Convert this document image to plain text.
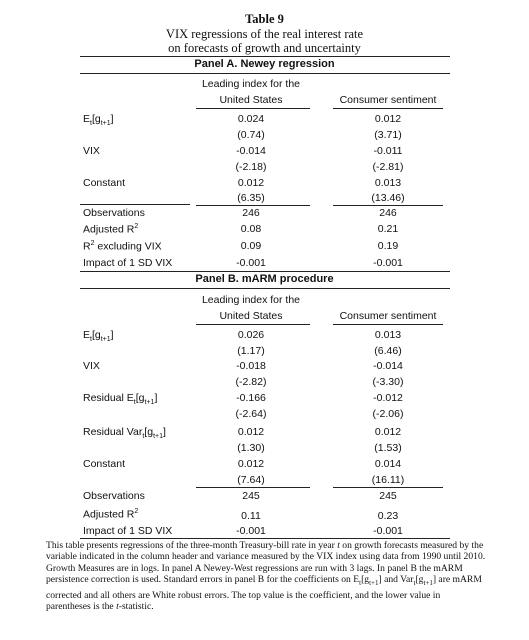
Table 9
VIX regressions of the real interest rate
on forecasts of growth and uncertainty
Panel A. Newey regression
Leading index for the
United States	Consumer sentiment
$E_t[g_{t+1}]$	0.024	0.012
(0.74)	(3.71)
VIX	-0.014	-0.011
(-2.18)	(-2.81)
Constant	0.012	0.013
(6.35)	(13.46)
Observations	246	246
Adjusted $R^2$	0.08	0.21
$R^2$ excluding VIX	0.09	0.19
Impact of 1 SD VIX	-0.001	-0.001
Panel B. mARM procedure
Leading index for the
United States	Consumer sentiment
$E_t[g_{t+1}]$	0.026	0.013
(1.17)	(6.46)
VIX	-0.018	-0.014
(-2.82)	(-3.30)
Residual $E_t[g_{t+1}]$	-0.166	-0.012
(-2.64)	(-2.06)
Residual $Var_t[g_{t+1}]$	0.012	0.012
(1.30)	(1.53)
Constant	0.012	0.014
(7.64)	(16.11)
Observations	245	245
Adjusted $R^2$	0.11	0.23
Impact of 1 SD VIX	-0.001	-0.001
This table presents regressions of the three-month Treasury-bill rate in year t on growth forecasts measured by the variable indicated in the column header and variance measured by the VIX index using data from 1990 until 2010. Growth Measures are in logs. In panel A Newey-West regressions are run with 3 lags. In panel B the mARM persistence correction is used. Standard errors in panel B for the coefficients on $E_t[g_{t+1}]$ and $Var_t[g_{t+1}]$ are mARM corrected and all others are White robust errors. The top value is the coefficient, and the lower value in parentheses is the t-statistic.
